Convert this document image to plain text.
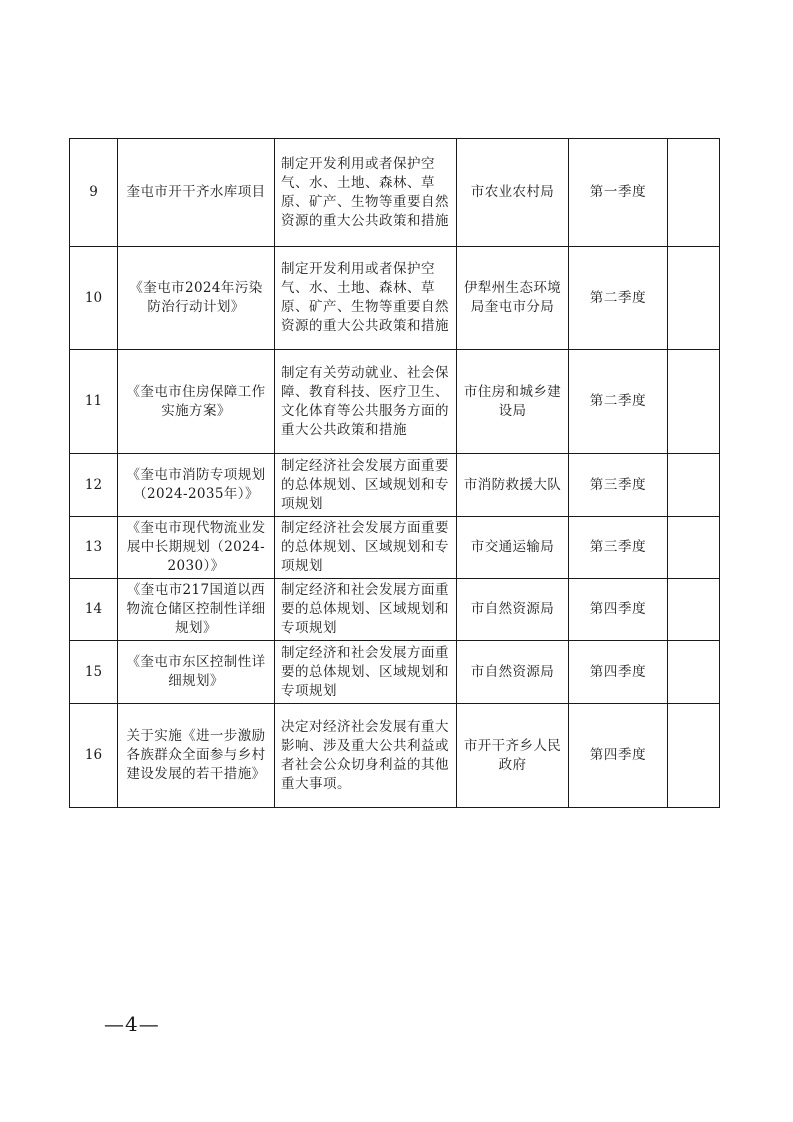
9	奎屯市开干齐水库项目	制定开发利用或者保护空气、水、土地、森林、草原、矿产、生物等重要自然资源的重大公共政策和措施	市农业农村局	第一季度	
10	《奎屯市2024年污染防治行动计划》	制定开发利用或者保护空气、水、土地、森林、草原、矿产、生物等重要自然资源的重大公共政策和措施	伊犁州生态环境局奎屯市分局	第二季度	
11	《奎屯市住房保障工作实施方案》	制定有关劳动就业、社会保障、教育科技、医疗卫生、文化体育等公共服务方面的重大公共政策和措施	市住房和城乡建设局	第二季度	
12	《奎屯市消防专项规划（2024-2035年）》	制定经济社会发展方面重要的总体规划、区域规划和专项规划	市消防救援大队	第三季度	
13	《奎屯市现代物流业发展中长期规划（2024-2030）》	制定经济社会发展方面重要的总体规划、区域规划和专项规划	市交通运输局	第三季度	
14	《奎屯市217国道以西物流仓储区控制性详细规划》	制定经济和社会发展方面重要的总体规划、区域规划和专项规划	市自然资源局	第四季度	
15	《奎屯市东区控制性详细规划》	制定经济和社会发展方面重要的总体规划、区域规划和专项规划	市自然资源局	第四季度	
16	关于实施《进一步激励各族群众全面参与乡村建设发展的若干措施》	决定对经济社会发展有重大影响、涉及重大公共利益或者社会公众切身利益的其他重大事项。	市开干齐乡人民政府	第四季度	
—4—
